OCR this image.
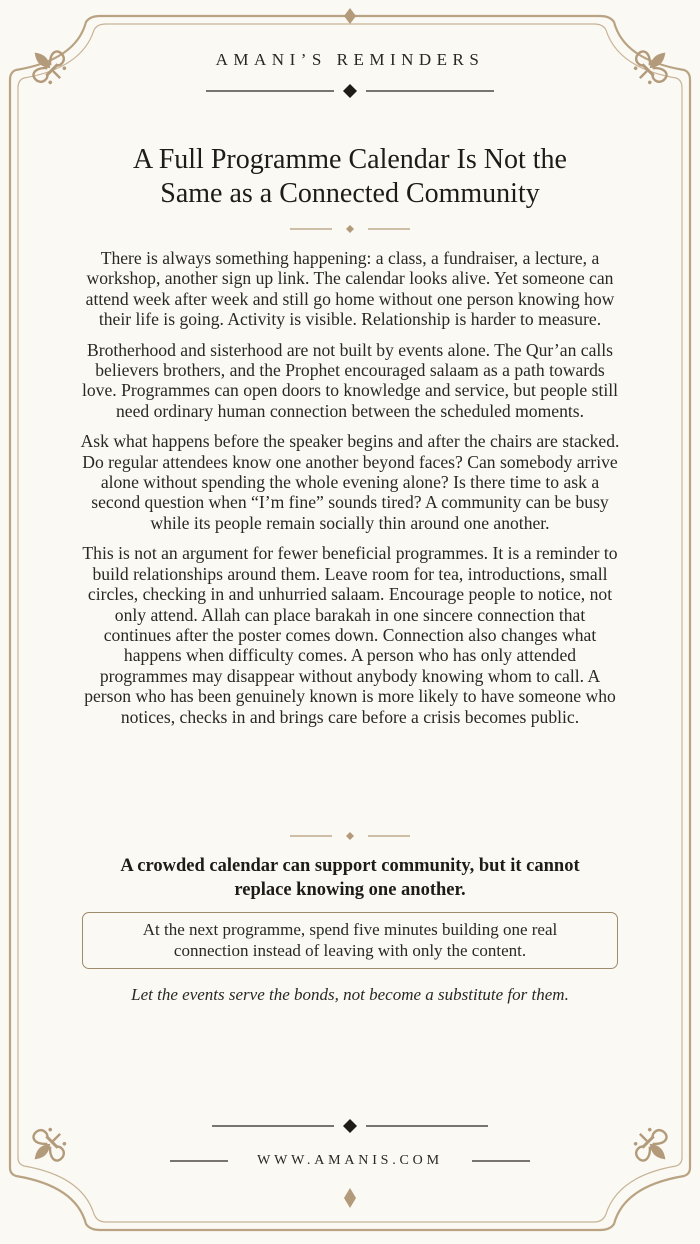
AMANI’S REMINDERS
A Full Programme Calendar Is Not the
Same as a Connected Community

There is always something happening: a class, a fundraiser, a lecture, a workshop, another sign up link. The calendar looks alive. Yet someone can attend week after week and still go home without one person knowing how their life is going. Activity is visible. Relationship is harder to measure.

Brotherhood and sisterhood are not built by events alone. The Qur’an calls believers brothers, and the Prophet encouraged salaam as a path towards love. Programmes can open doors to knowledge and service, but people still need ordinary human connection between the scheduled moments.

Ask what happens before the speaker begins and after the chairs are stacked. Do regular attendees know one another beyond faces? Can somebody arrive alone without spending the whole evening alone? Is there time to ask a second question when “I’m fine” sounds tired? A community can be busy while its people remain socially thin around one another.

This is not an argument for fewer beneficial programmes. It is a reminder to build relationships around them. Leave room for tea, introductions, small circles, checking in and unhurried salaam. Encourage people to notice, not only attend. Allah can place barakah in one sincere connection that continues after the poster comes down. Connection also changes what happens when difficulty comes. A person who has only attended programmes may disappear without anybody knowing whom to call. A person who has been genuinely known is more likely to have someone who notices, checks in and brings care before a crisis becomes public.

A crowded calendar can support community, but it cannot
replace knowing one another.
At the next programme, spend five minutes building one real
connection instead of leaving with only the content.
Let the events serve the bonds, not become a substitute for them.
WWW.AMANIS.COM
